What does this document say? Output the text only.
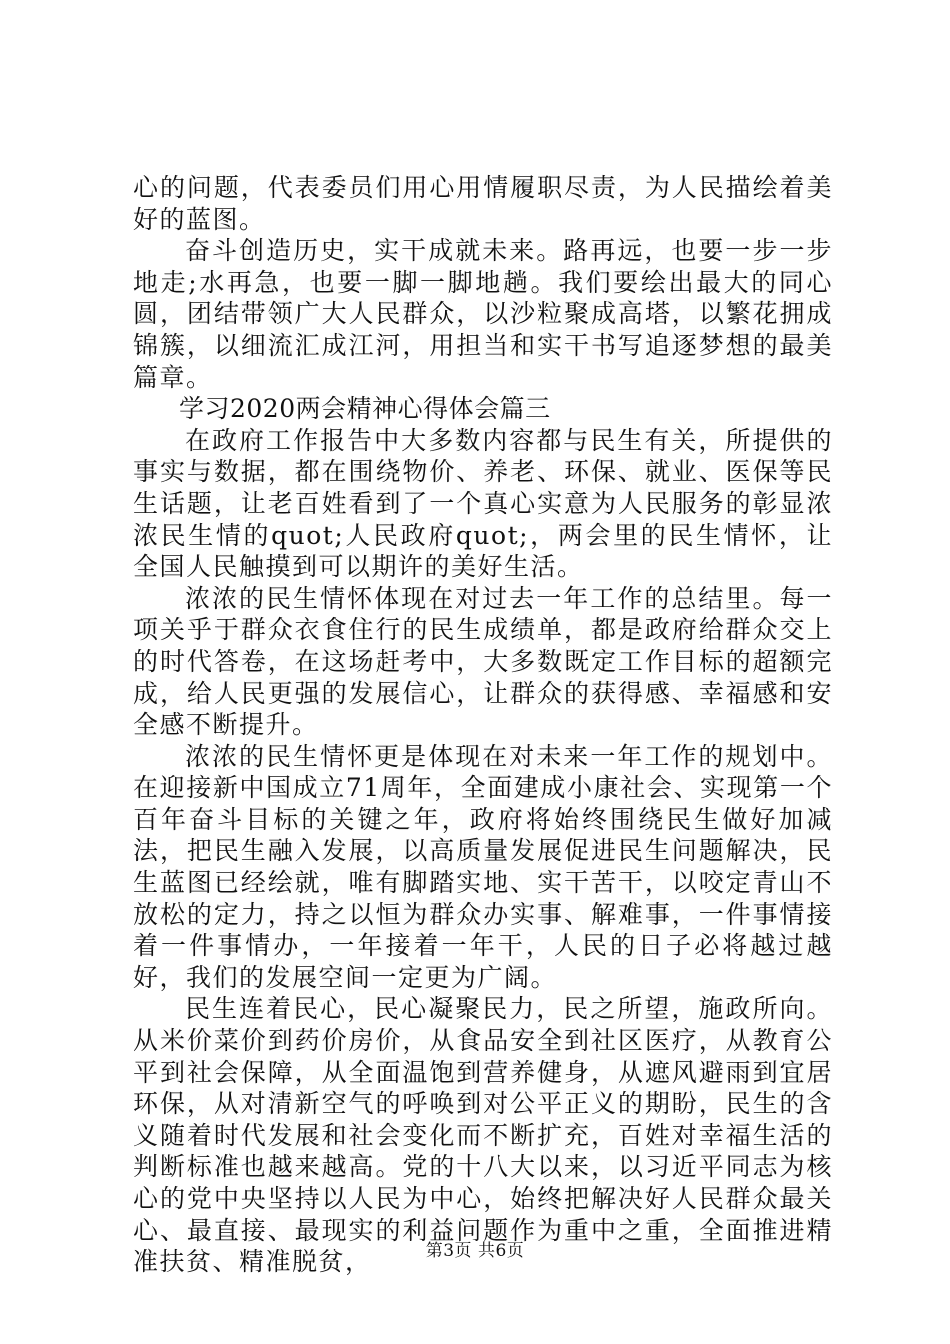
心的问题，代表委员们用心用情履职尽责，为人民描绘着美好的蓝图。

奋斗创造历史，实干成就未来。路再远，也要一步一步地走;水再急，也要一脚一脚地趟。我们要绘出最大的同心圆，团结带领广大人民群众，以沙粒聚成高塔，以繁花拥成锦簇，以细流汇成江河，用担当和实干书写追逐梦想的最美篇章。

学习2020两会精神心得体会篇三

在政府工作报告中大多数内容都与民生有关，所提供的事实与数据，都在围绕物价、养老、环保、就业、医保等民生话题，让老百姓看到了一个真心实意为人民服务的彰显浓浓民生情的quot;人民政府quot;，两会里的民生情怀，让全国人民触摸到可以期许的美好生活。

浓浓的民生情怀体现在对过去一年工作的总结里。每一项关乎于群众衣食住行的民生成绩单，都是政府给群众交上的时代答卷，在这场赶考中，大多数既定工作目标的超额完成，给人民更强的发展信心，让群众的获得感、幸福感和安全感不断提升。

浓浓的民生情怀更是体现在对未来一年工作的规划中。在迎接新中国成立71周年，全面建成小康社会、实现第一个百年奋斗目标的关键之年，政府将始终围绕民生做好加减法，把民生融入发展，以高质量发展促进民生问题解决，民生蓝图已经绘就，唯有脚踏实地、实干苦干，以咬定青山不放松的定力，持之以恒为群众办实事、解难事，一件事情接着一件事情办，一年接着一年干，人民的日子必将越过越好，我们的发展空间一定更为广阔。

民生连着民心，民心凝聚民力，民之所望，施政所向。从米价菜价到药价房价，从食品安全到社区医疗，从教育公平到社会保障，从全面温饱到营养健身，从遮风避雨到宜居环保，从对清新空气的呼唤到对公平正义的期盼，民生的含义随着时代发展和社会变化而不断扩充，百姓对幸福生活的判断标准也越来越高。党的十八大以来，以习近平同志为核心的党中央坚持以人民为中心，始终把解决好人民群众最关心、最直接、最现实的利益问题作为重中之重，全面推进精准扶贫、精准脱贫，	第3页 共6页
